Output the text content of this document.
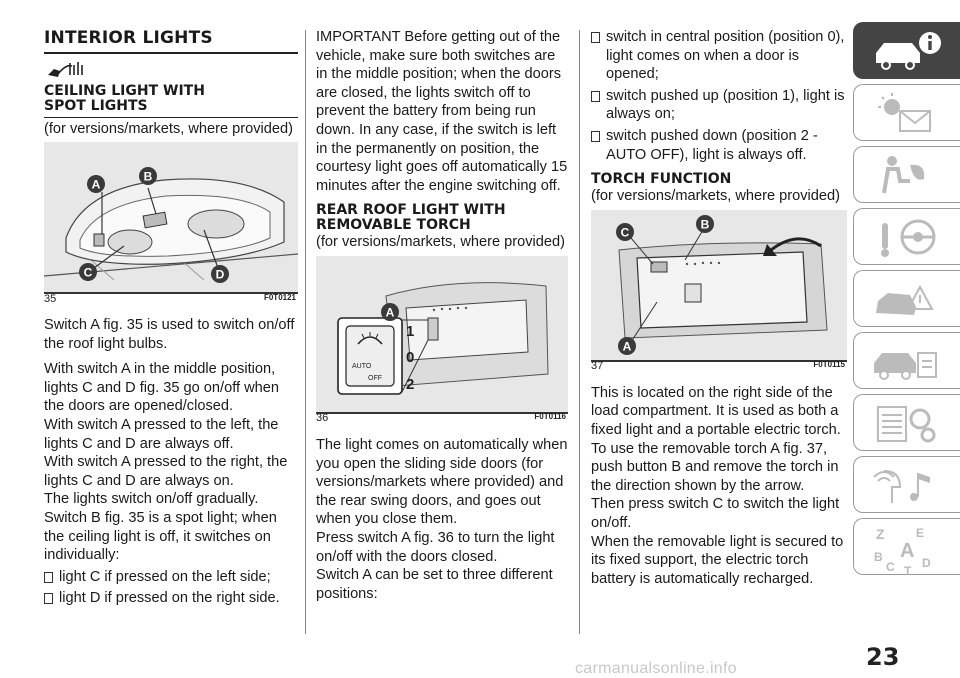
INTERIOR LIGHTS
CEILING LIGHT WITH
SPOT LIGHTS
(for versions/markets, where provided)
A
B
C	D
35	F0T0121

Switch A fig. 35 is used to switch on/off the roof light bulbs.

With switch A in the middle position, lights C and D fig. 35 go on/off when the doors are opened/closed.

With switch A pressed to the left, the lights C and D are always off.

With switch A pressed to the right, the lights C and D are always on.

The lights switch on/off gradually.

Switch B fig. 35 is a spot light; when the ceiling light is off, it switches on individually:

light C if pressed on the left side;
light D if pressed on the right side.

IMPORTANT Before getting out of the vehicle, make sure both switches are in the middle position; when the doors are closed, the lights switch off to prevent the battery from being run down. In any case, if the switch is left in the permanently on position, the courtesy light goes off automatically 15 minutes after the engine switching off.

REAR ROOF LIGHT WITH
REMOVABLE TORCH
(for versions/markets, where provided)
AUTO
OFF
A
1
0
2
36	F0T0116

The light comes on automatically when you open the sliding side doors (for versions/markets where provided) and the rear swing doors, and goes out when you close them.

Press switch A fig. 36 to turn the light on/off with the doors closed.

Switch A can be set to three different positions:

switch in central position (position 0), light comes on when a door is opened;
switch pushed up (position 1), light is always on;
switch pushed down (position 2 - AUTO OFF), light is always off.
TORCH FUNCTION
(for versions/markets, where provided)
C
B
A
37	F0T0115

This is located on the right side of the load compartment. It is used as both a fixed light and a portable electric torch.

To use the removable torch A fig. 37, push button B and remove the torch in the direction shown by the arrow.

Then press switch C to switch the light on/off.

When the removable light is secured to its fixed support, the electric torch battery is automatically recharged.

Z	E
A
B
C D
T
23
carmanualsonline.info
